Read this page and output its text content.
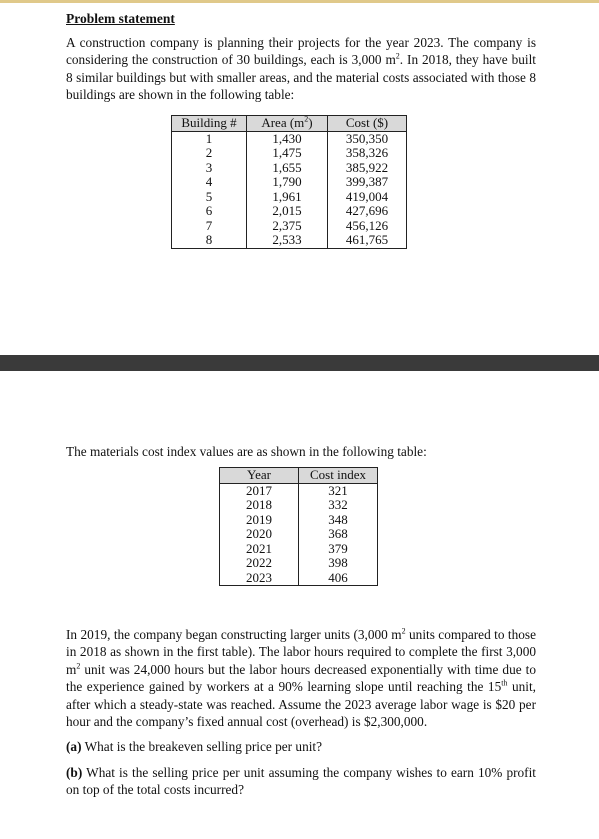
Problem statement

A construction company is planning their projects for the year 2023. The company is considering the construction of 30 buildings, each is 3,000 $m^2$. In 2018, they have built 8 similar buildings but with smaller areas, and the material costs associated with those 8 buildings are shown in the following table:

Building #	Area $(m^2)$	Cost ($)
1	1,430	350,350
2	1,475	358,326
3	1,655	385,922
4	1,790	399,387
5	1,961	419,004
6	2,015	427,696
7	2,375	456,126
8	2,533	461,765
The materials cost index values are as shown in the following table:
Year	Cost index
2017	321
2018	332
2019	348
2020	368
2021	379
2022	398
2023	406

In 2019, the company began constructing larger units (3,000 $m^2$ units compared to those in 2018 as shown in the first table). The labor hours required to complete the first 3,000 $m^2$ unit was 24,000 hours but the labor hours decreased exponentially with time due to the experience gained by workers at a 90% learning slope until reaching the 15th unit, after which a steady-state was reached. Assume the 2023 average labor wage is $20 per hour and the company’s fixed annual cost (overhead) is $2,300,000.

(a) What is the breakeven selling price per unit?

(b) What is the selling price per unit assuming the company wishes to earn 10% profit on top of the total costs incurred?
